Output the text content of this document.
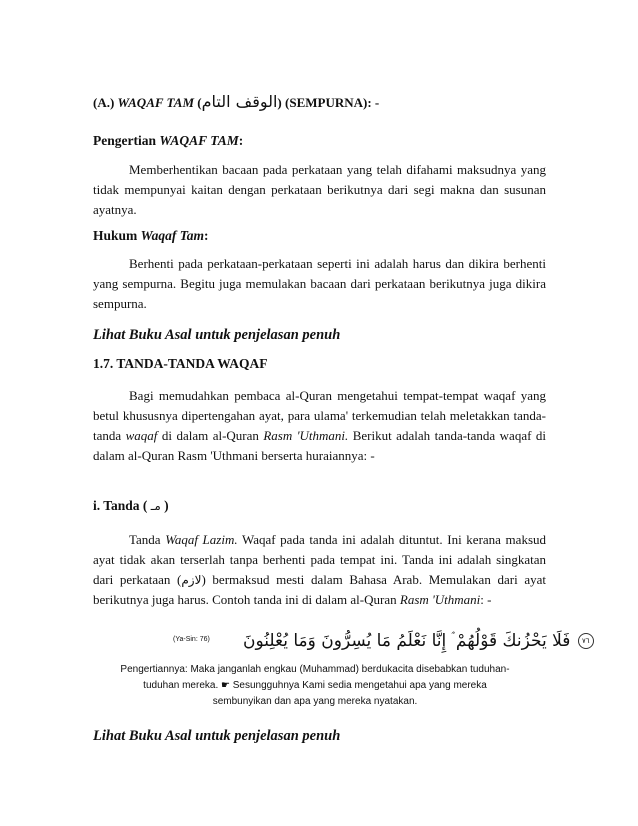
(A.) WAQAF TAM (الوقف التام) (SEMPURNA): -

Pengertian WAQAF TAM:

Memberhentikan bacaan pada perkataan yang telah difahami maksudnya yang tidak mempunyai kaitan dengan perkataan berikutnya dari segi makna dan susunan ayatnya.

Hukum Waqaf Tam:

Berhenti pada perkataan-perkataan seperti ini adalah harus dan dikira berhenti yang sempurna. Begitu juga memulakan bacaan dari perkataan berikutnya juga dikira sempurna.

Lihat Buku Asal untuk penjelasan penuh

1.7. TANDA-TANDA WAQAF

Bagi memudahkan pembaca al-Quran mengetahui tempat-tempat waqaf yang betul khususnya dipertengahan ayat, para ulama' terkemudian telah meletakkan tanda-tanda waqaf di dalam al-Quran Rasm 'Uthmani. Berikut adalah tanda-tanda waqaf di dalam al-Quran Rasm 'Uthmani berserta huraiannya: -

i. Tanda ( مـ )

Tanda Waqaf Lazim. Waqaf pada tanda ini adalah dituntut. Ini kerana maksud ayat tidak akan terserlah tanpa berhenti pada tempat ini. Tanda ini adalah singkatan dari perkataan (لازم) bermaksud mesti dalam Bahasa Arab. Memulakan dari ayat berikutnya juga harus. Contoh tanda ini di dalam al-Quran Rasm 'Uthmani: -

(Ya-Sin: 76)	٧٦ فَلَا يَحْزُنكَ قَوْلُهُمْ ۘ إِنَّا نَعْلَمُ مَا يُسِرُّونَ وَمَا يُعْلِنُونَ

Pengertiannya: Maka janganlah engkau (Muhammad) berdukacita disebabkan tuduhan-tuduhan mereka. ☛ Sesungguhnya Kami sedia mengetahui apa yang mereka sembunyikan dan apa yang mereka nyatakan.

Lihat Buku Asal untuk penjelasan penuh
